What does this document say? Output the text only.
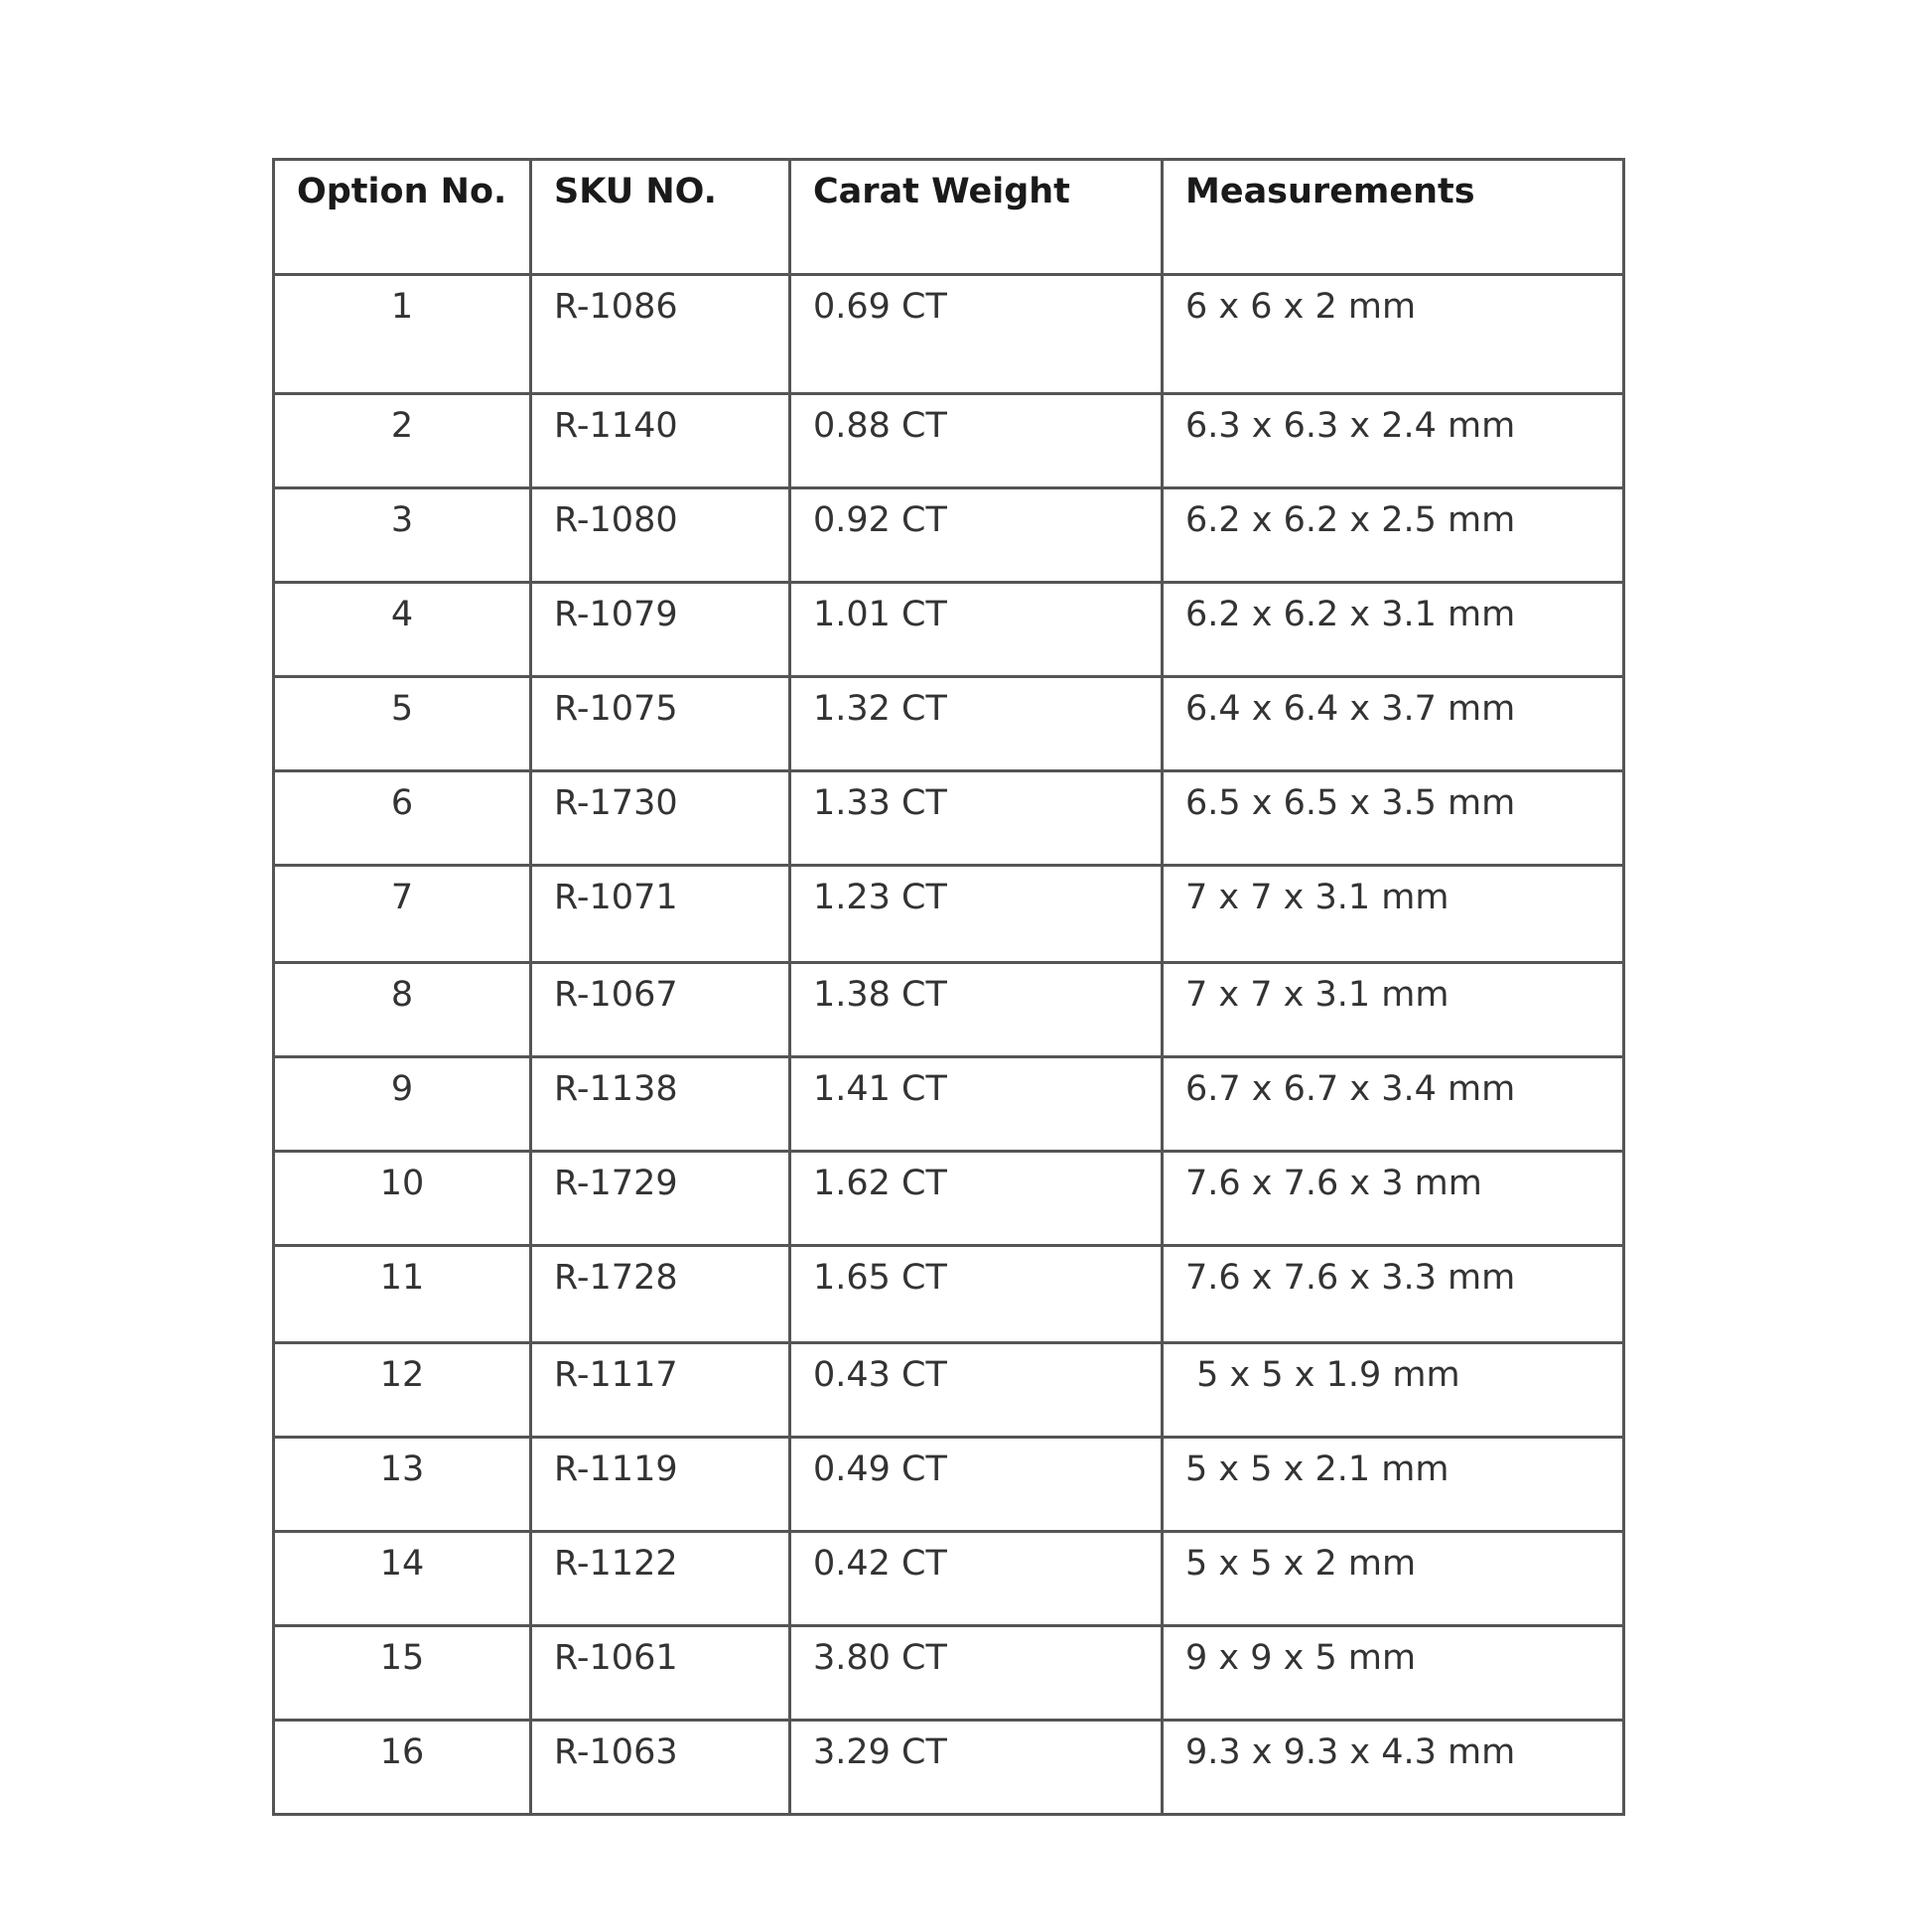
Option No.	SKU NO.	Carat Weight	Measurements
1	R-1086	0.69 CT	6 x 6 x 2 mm
2	R-1140	0.88 CT	6.3 x 6.3 x 2.4 mm
3	R-1080	0.92 CT	6.2 x 6.2 x 2.5 mm
4	R-1079	1.01 CT	6.2 x 6.2 x 3.1 mm
5	R-1075	1.32 CT	6.4 x 6.4 x 3.7 mm
6	R-1730	1.33 CT	6.5 x 6.5 x 3.5 mm
7	R-1071	1.23 CT	7 x 7 x 3.1 mm
8	R-1067	1.38 CT	7 x 7 x 3.1 mm
9	R-1138	1.41 CT	6.7 x 6.7 x 3.4 mm
10	R-1729	1.62 CT	7.6 x 7.6 x 3 mm
11	R-1728	1.65 CT	7.6 x 7.6 x 3.3 mm
12	R-1117	0.43 CT	5 x 5 x 1.9 mm
13	R-1119	0.49 CT	5 x 5 x 2.1 mm
14	R-1122	0.42 CT	5 x 5 x 2 mm
15	R-1061	3.80 CT	9 x 9 x 5 mm
16	R-1063	3.29 CT	9.3 x 9.3 x 4.3 mm
